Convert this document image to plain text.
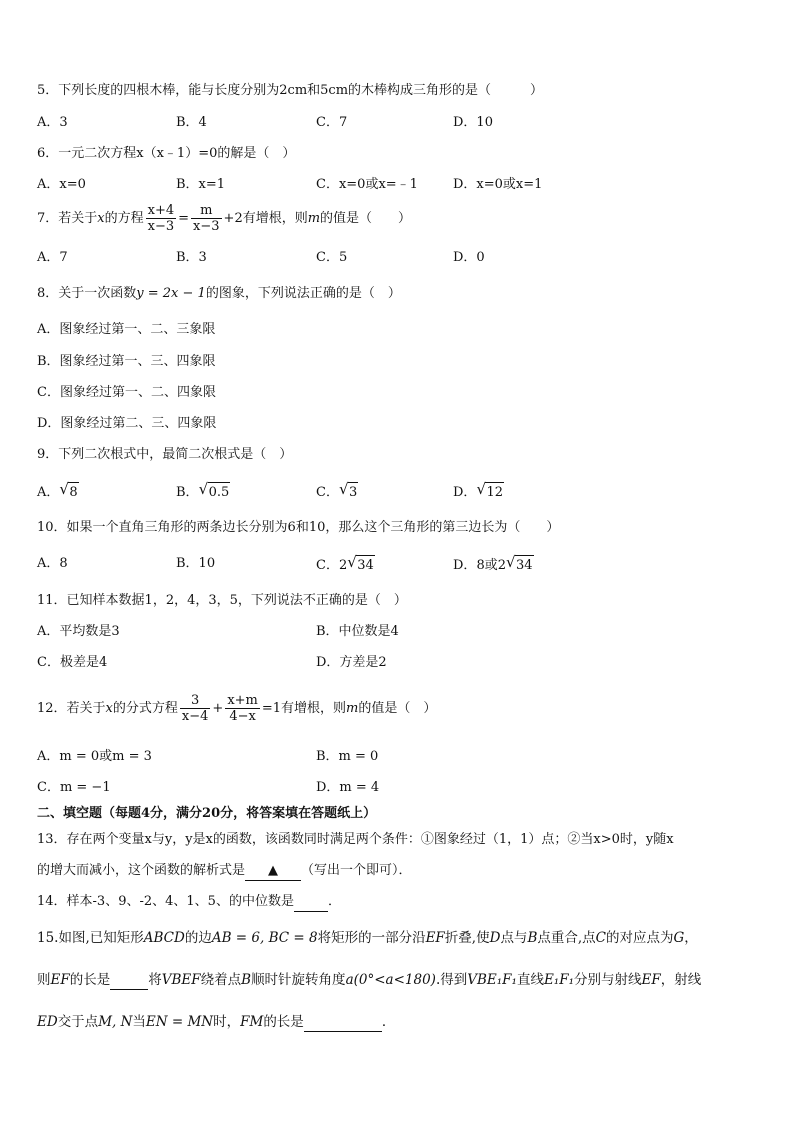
5．下列长度的四根木棒，能与长度分别为2cm和5cm的木棒构成三角形的是（　　　）
A．3	B．4	C．7	D．10
6．一元二次方程x（x﹣1）=0的解是（　）
A．x=0	B．x=1	C．x=0或x=﹣1	D．x=0或x=1
7．若关于x的方程 $\frac{x+4}{x-3} = \frac{m}{x-3} +2$有增根，则m的值是（　　）
A．7	B．3	C．5	D．0
8．关于一次函数y = 2x − 1的图象，下列说法正确的是（　）
A．图象经过第一、二、三象限
B．图象经过第一、三、四象限
C．图象经过第一、二、四象限
D．图象经过第二、三、四象限
9．下列二次根式中，最简二次根式是（　）
A． √ 8	B． √ 0.5	C． √ 3	D． √ 12
10．如果一个直角三角形的两条边长分别为6和10，那么这个三角形的第三边长为（　　）
A．8	B．10	C．2 √ 34	D．8或2 √ 34
11．已知样本数据1，2，4，3，5，下列说法不正确的是（　）
A．平均数是3	B．中位数是4
C．极差是4	D．方差是2
12．若关于x的分式方程 $\frac{3}{x-4} + \frac{x+m}{4-x} =1$有增根，则m的值是（　）
A．m = 0或m = 3	B．m = 0
C．m = −1	D．m = 4
二、填空题（每题4分，满分20分，将答案填在答题纸上）
13．存在两个变量x与y，y是x的函数，该函数同时满足两个条件：①图象经过（1，1）点；②当x>0时，y随x
的增大而减小，这个函数的解析式是 ▲ （写出一个即可）．
14．样本-3、9、-2、4、1、5、的中位数是	．
15.如图,已知矩形ABCD的边AB = 6, BC = 8将矩形的一部分沿EF折叠,使D点与B点重合,点C的对应点为G，
则EF的长是	将VBEF绕着点B顺时针旋转角度a(0°<a<180).得到VBE₁F₁直线E₁F₁分别与射线EF，射线
ED交于点M, N当EN = MN时，FM的长是	．
